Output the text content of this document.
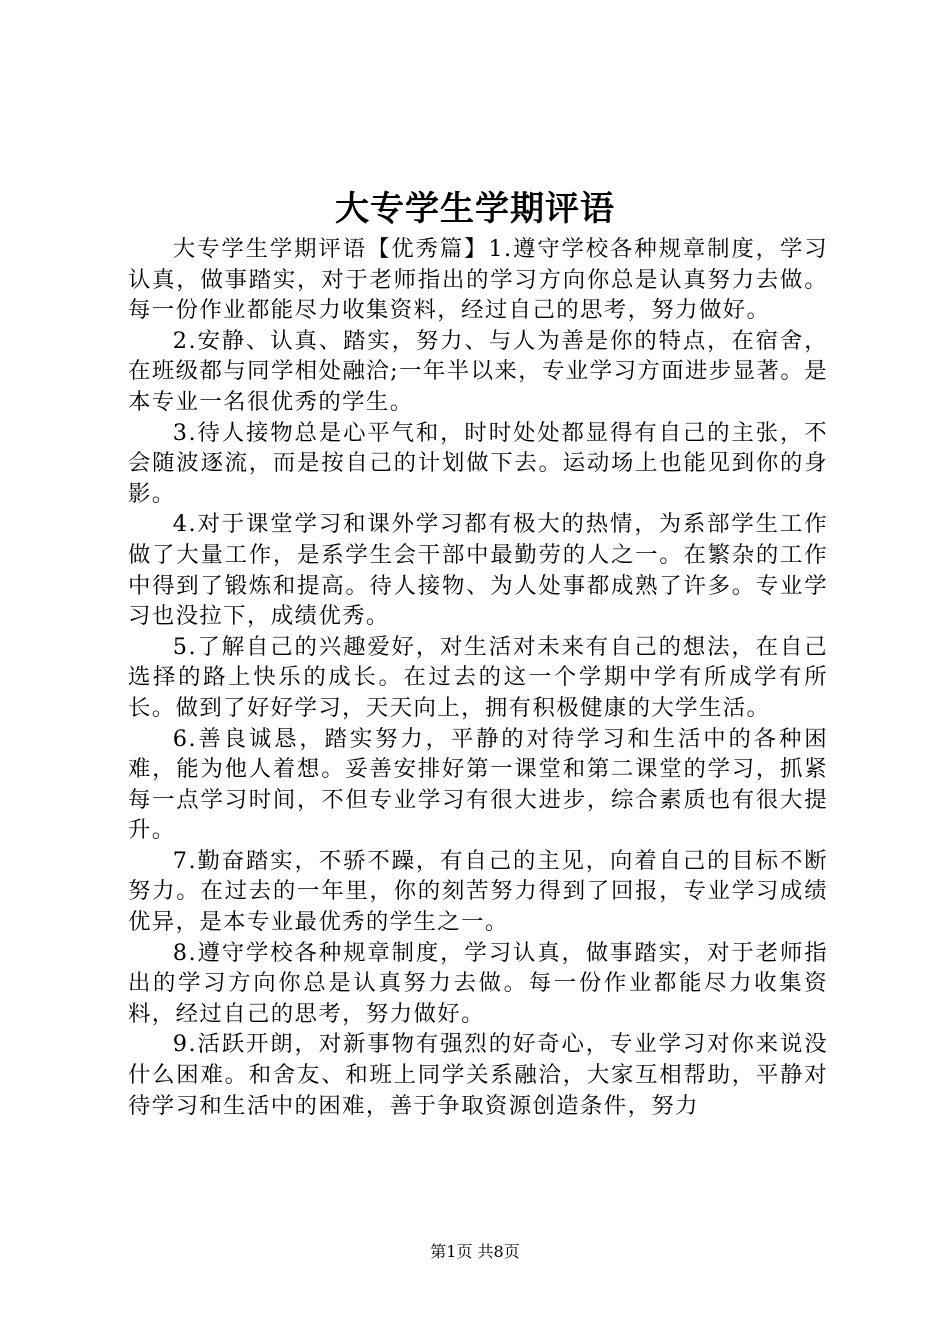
大专学生学期评语

大专学生学期评语【优秀篇】1.遵守学校各种规章制度，学习认真，做事踏实，对于老师指出的学习方向你总是认真努力去做。每一份作业都能尽力收集资料，经过自己的思考，努力做好。

2.安静、认真、踏实，努力、与人为善是你的特点，在宿舍，在班级都与同学相处融洽;一年半以来，专业学习方面进步显著。是本专业一名很优秀的学生。

3.待人接物总是心平气和，时时处处都显得有自己的主张，不会随波逐流，而是按自己的计划做下去。运动场上也能见到你的身影。

4.对于课堂学习和课外学习都有极大的热情，为系部学生工作做了大量工作，是系学生会干部中最勤劳的人之一。在繁杂的工作中得到了锻炼和提高。待人接物、为人处事都成熟了许多。专业学习也没拉下，成绩优秀。

5.了解自己的兴趣爱好，对生活对未来有自己的想法，在自己选择的路上快乐的成长。在过去的这一个学期中学有所成学有所长。做到了好好学习，天天向上，拥有积极健康的大学生活。

6.善良诚恳，踏实努力，平静的对待学习和生活中的各种困难，能为他人着想。妥善安排好第一课堂和第二课堂的学习，抓紧每一点学习时间，不但专业学习有很大进步，综合素质也有很大提升。

7.勤奋踏实，不骄不躁，有自己的主见，向着自己的目标不断努力。在过去的一年里，你的刻苦努力得到了回报，专业学习成绩优异，是本专业最优秀的学生之一。

8.遵守学校各种规章制度，学习认真，做事踏实，对于老师指出的学习方向你总是认真努力去做。每一份作业都能尽力收集资料，经过自己的思考，努力做好。

9.活跃开朗，对新事物有强烈的好奇心，专业学习对你来说没什么困难。和舍友、和班上同学关系融洽，大家互相帮助，平静对待学习和生活中的困难，善于争取资源创造条件，努力

第1页 共8页
